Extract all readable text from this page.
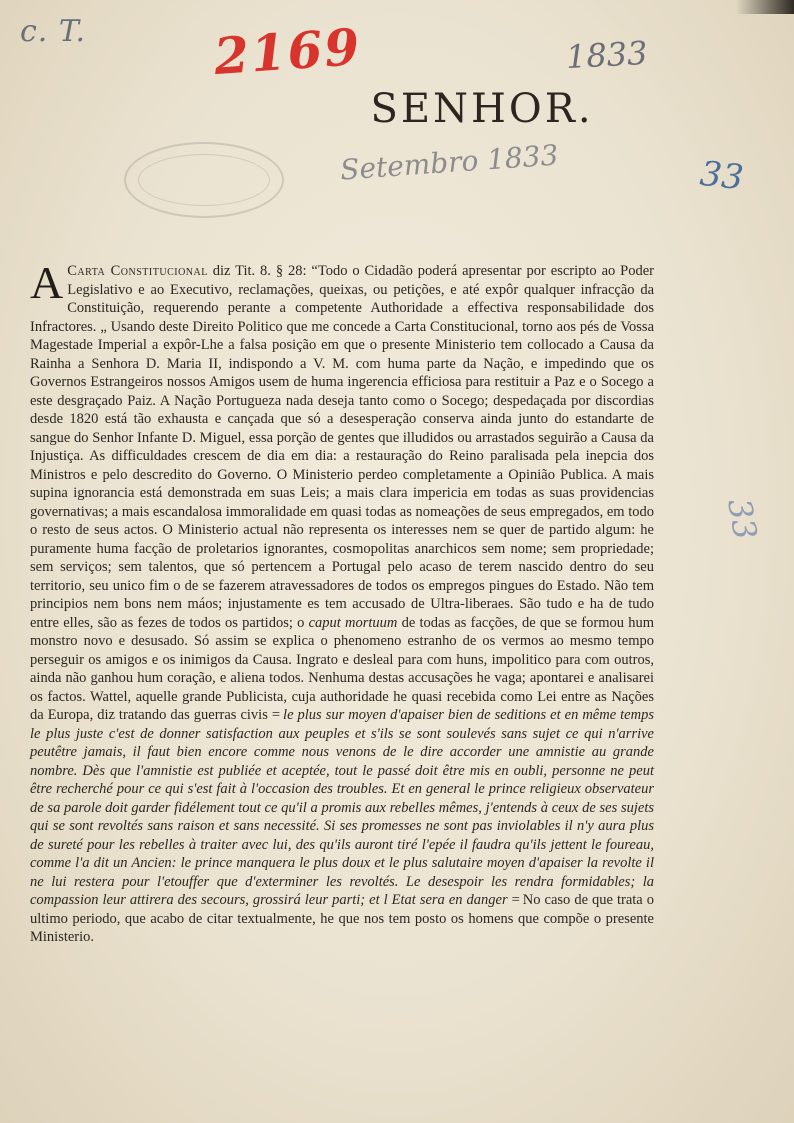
c. T.	2169	1833
Setembro 1833	33
33
SENHOR.

A Carta Constitucional diz Tit. 8. § 28: “Todo o Cidadão poderá apresentar por escripto ao Poder Legislativo e ao Executivo, reclamações, queixas, ou petições, e até expôr qualquer infracção da Constituição, requerendo perante a competente Authoridade a effectiva responsabilidade dos Infractores. „ Usando deste Direito Politico que me concede a Carta Constitucional, torno aos pés de Vossa Magestade Imperial a expôr-Lhe a falsa posição em que o presente Ministerio tem collocado a Causa da Rainha a Senhora D. Maria II, indispondo a V. M. com huma parte da Nação, e impedindo que os Governos Estrangeiros nossos Amigos usem de huma ingerencia efficiosa para restituir a Paz e o Socego a este desgraçado Paiz. A Nação Portugueza nada deseja tanto como o Socego; despedaçada por discordias desde 1820 está tão exhausta e cançada que só a desesperação conserva ainda junto do estandarte de sangue do Senhor Infante D. Miguel, essa porção de gentes que illudidos ou arrastados seguirão a Causa da Injustiça. As difficuldades crescem de dia em dia: a restauração do Reino paralisada pela inepcia dos Ministros e pelo descredito do Governo. O Ministerio perdeo completamente a Opinião Publica. A mais supina ignorancia está demonstrada em suas Leis; a mais clara impericia em todas as suas providencias governativas; a mais escandalosa immoralidade em quasi todas as nomeações de seus empregados, em todo o resto de seus actos. O Ministerio actual não representa os interesses nem se quer de partido algum: he puramente huma facção de proletarios ignorantes, cosmopolitas anarchicos sem nome; sem propriedade; sem serviços; sem talentos, que só pertencem a Portugal pelo acaso de terem nascido dentro do seu territorio, seu unico fim o de se fazerem atravessadores de todos os empregos pingues do Estado. Não tem principios nem bons nem máos; injustamente es tem accusado de Ultra-liberaes. São tudo e ha de tudo entre elles, são as fezes de todos os partidos; o caput mortuum de todas as facções, de que se formou hum monstro novo e desusado. Só assim se explica o phenomeno estranho de os vermos ao mesmo tempo perseguir os amigos e os inimigos da Causa. Ingrato e desleal para com huns, impolitico para com outros, ainda não ganhou hum coração, e aliena todos. Nenhuma destas accusações he vaga; apontarei e analisarei os factos. Wattel, aquelle grande Publicista, cuja authoridade he quasi recebida como Lei entre as Nações da Europa, diz tratando das guerras civis = le plus sur moyen d'apaiser bien de seditions et en même temps le plus juste c'est de donner satisfaction aux peuples et s'ils se sont soulevés sans sujet ce qui n'arrive peutêtre jamais, il faut bien encore comme nous venons de le dire accorder une amnistie au grande nombre. Dès que l'amnistie est publiée et aceptée, tout le passé doit être mis en oubli, personne ne peut être recherché pour ce qui s'est fait à l'occasion des troubles. Et en general le prince religieux observateur de sa parole doit garder fidélement tout ce qu'il a promis aux rebelles mêmes, j'entends à ceux de ses sujets qui se sont revoltés sans raison et sans necessité. Si ses promesses ne sont pas inviolables il n'y aura plus de sureté pour les rebelles à traiter avec lui, des qu'ils auront tiré l'epée il faudra qu'ils jettent le foureau, comme l'a dit un Ancien: le prince manquera le plus doux et le plus salutaire moyen d'apaiser la revolte il ne lui restera pour l'etouffer que d'exterminer les revoltés. Le desespoir les rendra formidables; la compassion leur attirera des secours, grossirá leur parti; et l Etat sera en danger = No caso de que trata o ultimo periodo, que acabo de citar textualmente, he que nos tem posto os homens que compõe o presente Ministerio.
